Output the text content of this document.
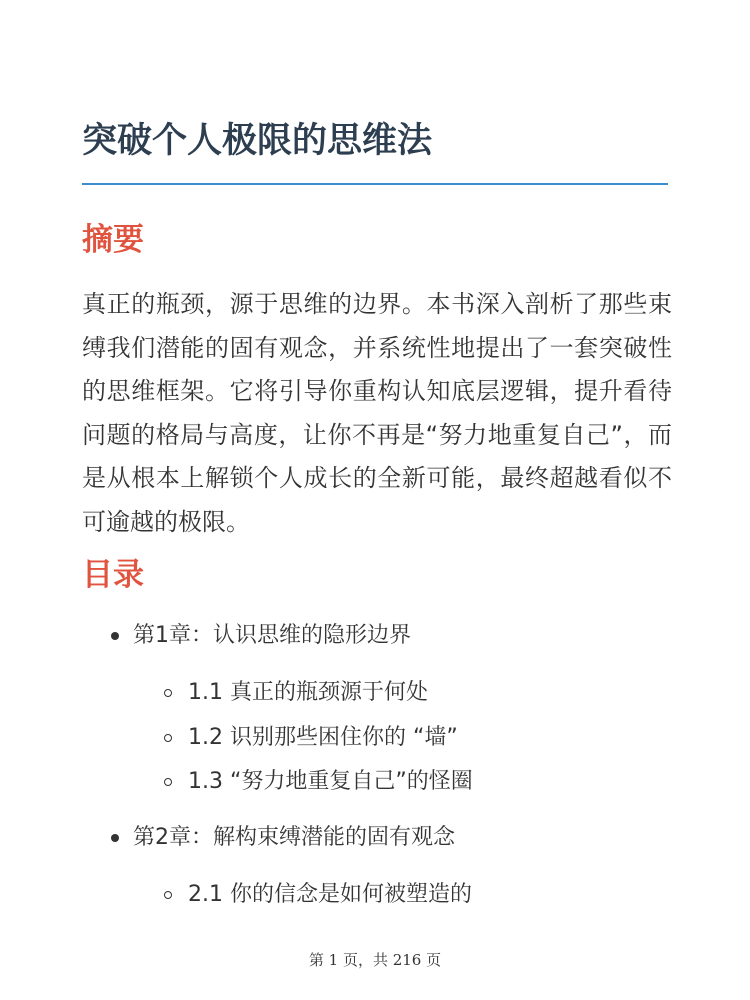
突破个人极限的思维法
摘要

真正的瓶颈，源于思维的边界。本书深入剖析了那些束缚我们潜能的固有观念，并系统性地提出了一套突破性的思维框架。它将引导你重构认知底层逻辑，提升看待问题的格局与高度，让你不再是“努力地重复自己”，而是从根本上解锁个人成长的全新可能，最终超越看似不可逾越的极限。

目录
第1章：认识思维的隐形边界
1.1 真正的瓶颈源于何处
1.2 识别那些困住你的 “墙”
1.3 “努力地重复自己”的怪圈
第2章：解构束缚潜能的固有观念
2.1 你的信念是如何被塑造的
第 1 页，共 216 页
